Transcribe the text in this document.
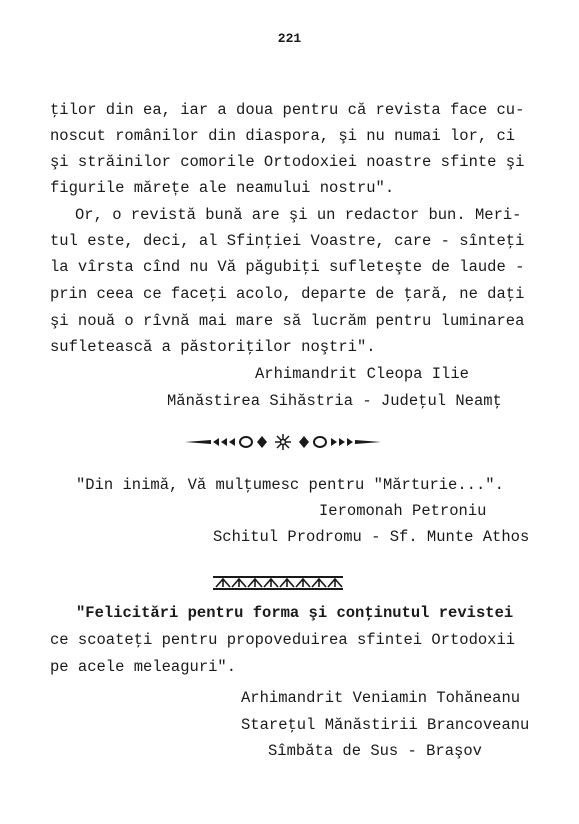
221
ţilor din ea, iar a doua pentru că revista face cu-
noscut românilor din diaspora, şi nu numai lor, ci
şi străinilor comorile Ortodoxiei noastre sfinte şi
figurile mărețe ale neamului nostru".
Or, o revistă bună are şi un redactor bun. Meri-
tul este, deci, al Sfinţiei Voastre, care - sînteţi
la vîrsta cînd nu Vă păgubiţi sufleteşte de laude -
prin ceea ce faceţi acolo, departe de ţară, ne daţi
şi nouă o rîvnă mai mare să lucrăm pentru luminarea
sufletească a păstoriţilor noştri".
Arhimandrit Cleopa Ilie
Mănăstirea Sihăstria - Judeţul Neamţ
"Din inimă, Vă mulţumesc pentru "Mărturie...".
Ieromonah Petroniu
Schitul Prodromu - Sf. Munte Athos
"Felicitări pentru forma şi conţinutul revistei
ce scoateţi pentru propoveduirea sfintei Ortodoxii
pe acele meleaguri".
Arhimandrit Veniamin Tohăneanu
Stareţul Mănăstirii Brancoveanu
Sîmbăta de Sus - Braşov
